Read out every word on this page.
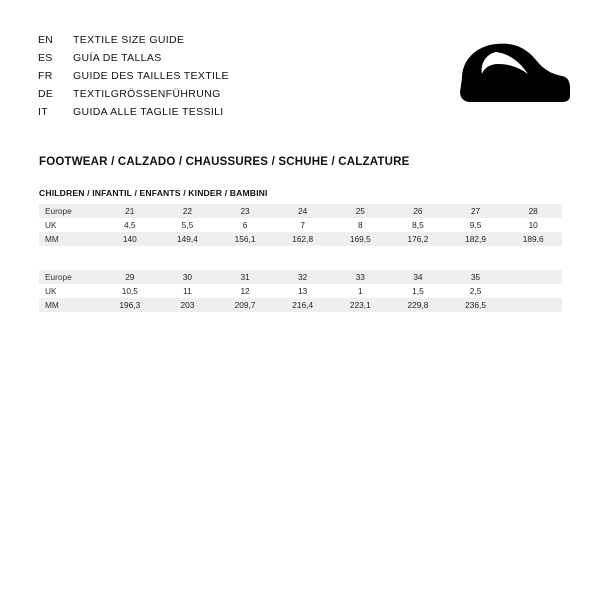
EN	TEXTILE SIZE GUIDE
ES	GUÍA DE TALLAS
FR	GUIDE DES TAILLES TEXTILE
DE	TEXTILGRÖSSENFÜHRUNG
IT	GUIDA ALLE TAGLIE TESSILI
FOOTWEAR / CALZADO / CHAUSSURES / SCHUHE / CALZATURE
CHILDREN / INFANTIL / ENFANTS / KINDER / BAMBINI
Europe	21	22	23	24	25	26	27	28
UK	4,5	5,5	6	7	8	8,5	9,5	10
MM	140	149,4	156,1	162,8	169,5	176,2	182,9	189,6
Europe	29	30	31	32	33	34	35	
UK	10,5	11	12	13	1	1,5	2,5	
MM	196,3	203	209,7	216,4	223,1	229,8	236,5	
